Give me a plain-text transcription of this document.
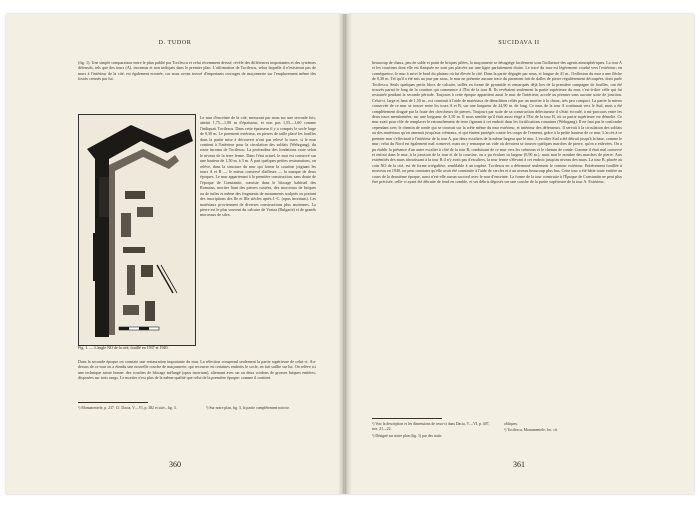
D. TUDOR

(fig. 1). Une simple comparaison entre le plan publié par Tocilescu et celui récemment dressé, révèle des différences importantes et des systèmes défensifs, tels que des tours (A), inconnus et non indiqués dans le premier plan. L'affirmation de Tocilescu, selon laquelle il n'existerait pas de murs à l'intérieur de la cité, est également erronée, car nous avons trouvé d'importants ouvrages de maçonnerie sur l'emplacement même des fossés creusés par lui.

Fig. 1. — L'angle NO de la cité, fouillé en 1937 et 1940.

Le mur d'enceinte de la cité, mesurant par nous sur une seconde fois, atteint 1,75—1,80 m d'épaisseur, et non pas 1,55—1,60 comme l'indiquait Tocilescu. Dans cette épaisseur il y a compris le socle large de 0,30 m. Le parement extérieur, en pierres de taille placé les fouilles dans la partie mise à découvert n'ont pas relevé la trace, si le mur contient à l'intérieur pour la circulation des soldats (Wehrgang), du route incomu de Tocilescu. La profondeur des fondations varie selon le niveau de la terre ferme. Dans l'état actuel, le mur est conservé sur une hauteur de 1,50 m. à 3 m. À part quelques petites restaurations, on relève, dans la structure du mur qui forme la courtine joignant les tours A et B — le mieux conservé d'ailleurs — la marque de deux époques. Le mur appartenant à la première construction, sans doute de l'époque de Constantin, consiste dans le blocage habituel des Romains, mortier liant des pierres cassées, des morceaux de briques ou de tuiles et même des fragments de monuments sculptés ou portant des inscriptions des IIe et IIIe siècles après J.-C. (opus incertum). Les matériaux proviennent de diverses constructions plus anciennes. La pierre est le plus souvent du calcaire de Vratza (Bulgarie) et de grands morceaux de silex.

Dans la seconde époque on constate une restauration importante du mur. La réfection comprend seulement la partie supérieure de celui-ci. Au-dessus de ce mur on a étendu une nouvelle couche de maçonnerie, qui recouvre en certaines endroits le socle, en fait saillie sur lui. On relève ici une technique mixte bonne: des couches de blocage mélangé (opus incertum), alternant avec un ou deux cordons de grosses briques entières, disposées sur trois rangs. Le mortier n'est plus de la même qualité que celui de la première époque: comme il contient

¹) Monumentele, p. 237. Cf. Dacia, V—VI, p. 382 et suiv., fig. 3.	²) Sur notre plan, fig. 3, la partie complètement noircie.
360
SUCIDAVA II

beaucoup de chaux, peu de sable et point de briques pilées, la maçonnerie se désagrège facilement sous l'influence des agents atmosphériques. La tour A et les courtines dont elle est flanquée ne sont pas placées sur une ligne parfaitement droite. Le tracé du mur est légèrement courbé vers l'extérieur; en conséquence, le mur à suivi le bord du plateau où fut élevée la cité. Dans la partie dégagée par nous, et longue de 41 m., l'inflexion du mur a une flèche de 0,30 m. Tel qu'il a été mis au jour par nous, le mur ne présente aucune trace du parement fait de dalles de pierre régulièrement découpées, dont parle Tocilescu. Seuls quelques petits blocs de calcaire, taillés en forme de pyramide et remarqués déjà lors de la première campagne de fouilles, ont été trouvés parmi le long de la courtine qui commence à l'Est de la tour B. Ils revêtaient seulement la partie supérieure du mur, c'est-à-dire celle qui fut restaurée pendant la seconde période. Toujours à cette époque appartient aussi le mur de l'intérieur, accolé au premier sans aucune sorte de jonction. Celui-ci, large et haut de 1,50 m., est construit à l'aide de matériaux de démolition reliés par un mortier à la chaux, très peu compact. La partie la mieux conservée de ce mur se trouve entre les tours A et B, sur une longueur de 24,90 m. de long. Ce mur, de la tour A continuait vers le Sud, mais a été complètement dragué par la faute des chercheurs de pierres. Toujours par suite de sa construction défectueuse il s'était écroulé, à mi-parcours entre les deux tours mentionnées, sur une longueur de 3,50 m. Il nous semble qu'il était aussi érigé à l'Est de la tour B, où sa partie supérieure est démolie. Ce mur avait pour rôle de remplacer le retranchement de terre figurant à cet endroit dans les fortifications romaines (Wehrgang). Il ne faut pas le confondre cependant avec le chemin de ronde qui se trouvait sur la crête même du mur extérieur, et intérieur des défenseurs. Il servait à la circulation des soldats ou des matériaux qu'on amenait jusqu'aux créneaux, et qui étaient protégés contre les coups de l'ennemi, grâce à la petite hauteur de ce mur. L'accès à ce premier mur s'effectuait à l'intérieur de la tour A, par deux escaliers de la même largeur que le mur. L'escalier Sud a été détruit jusqu'à la base, comme le mur; celui du Nord est également mal conservé, mais on y remarque un vide où devaient se trouver quelques marches de pierre, qu'on a enlevées. On a pu établir la présence d'un autre escalier à côté de la tour B, conduisant de ce mur vers les créneaux et le chemin de ronde. Comme il était mal conservé et enfoui dans le mur, à la jonction de la tour et de la courtine, on a pu évaluer sa largeur (0,90 m.), mais non le nombre des marches de pierre. Aux extrémités des murs aboutissant à la tour B il n'y avait pas d'escaliers, la tour ferme s'élevant à cet endroit jusqu'au niveau des murs. La tour B, placée au coin NO de la cité, est de forme irrégulière, semblable à un trapèze. Tocilescu en a déterminé seulement le contour extérieur. Entièrement fouillée à nouveau en 1940, on peut constater qu'elle avait été construite à l'aide de cercles et à un niveau beaucoup plus bas. Cette tour a été bâtie toute entière au cours de la deuxième époque, aussi n'est-elle aucun raccord avec le mur d'enceinte. La forme de la tour construite à l'Époque de Constantin ne peut plus être précisée, celle-ci ayant été détruite de fond en comble, et ses débris déposés sur une couche de la partie supérieure de la tour A. Extérieur,

¹) Voir la description et les dimensions de ceux-ci dans Dacia, V—VI, p. 407, nos. 21—22.
²) Désigné sur notre plan (fig. 1) par des traits
obliques.
³) Tocilescu, Monumentele, loc. cit.
361
